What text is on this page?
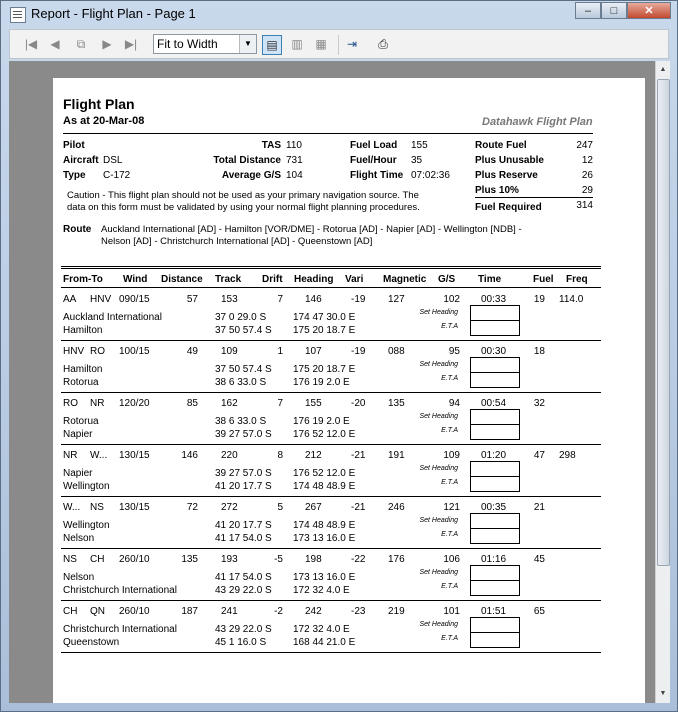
Report - Flight Plan - Page 1	–	□	✕
|◀	◀	⧉	▶	▶|	Fit to Width	▼	▤	▥ ▦	⇥	⎙
Flight Plan
As at 20-Mar-08	Datahawk Flight Plan
Pilot
Aircraft DSL
Type C-172
TAS 110
Total Distance 731
Average G/S 104
Fuel Load 155
Fuel/Hour 35
Flight Time 07:02:36
Route Fuel	247
Plus Unusable	12
Plus Reserve	26
Plus 10%	29
Fuel Required	314
Caution - This flight plan should not be used as your primary navigation source. The
data on this form must be validated by using your normal flight planning procedures.
Route Auckland International [AD] - Hamilton [VOR/DME] - Rotorua [AD] - Napier [AD] - Wellington [NDB] -
Nelson [AD] - Christchurch International [AD] - Queenstown [AD]
From-To Wind Distance Track Drift Heading Vari Magnetic G/S Time	Fuel Freq
AA HNV 090/15	57 153	7 146	-19 127	102 00:33	19 114.0
Auckland International
Hamilton
37 0 29.0 S	174 47 30.0 E
37 50 57.4 S 175 20 18.7 E
Set Heading
E.T.A
HNV RO 100/15	49 109	1 107	-19 088	95 00:30	18
Hamilton
Rotorua
37 50 57.4 S 175 20 18.7 E
38 6 33.0 S	176 19 2.0 E
Set Heading
E.T.A
RO NR 120/20	85 162	7 155	-20 135	94 00:54	32
Rotorua
Napier
38 6 33.0 S	176 19 2.0 E
39 27 57.0 S 176 52 12.0 E
Set Heading
E.T.A
NR W... 130/15	146 220	8 212	-21 191	109 01:20	47 298
Napier
Wellington
39 27 57.0 S 176 52 12.0 E
41 20 17.7 S 174 48 48.9 E
Set Heading
E.T.A
W... NS 130/15	72 272	5 267	-21 246	121 00:35	21
Wellington
Nelson
41 20 17.7 S 174 48 48.9 E
41 17 54.0 S 173 13 16.0 E
Set Heading
E.T.A
NS CH 260/10	135 193	-5 198	-22 176	106 01:16	45
Nelson
Christchurch International
41 17 54.0 S 173 13 16.0 E
43 29 22.0 S 172 32 4.0 E
Set Heading
E.T.A
CH QN 260/10	187 241	-2 242	-23 219	101 01:51	65
Christchurch International
Queenstown
43 29 22.0 S 172 32 4.0 E
45 1 16.0 S	168 44 21.0 E
Set Heading
E.T.A
▲
▼
